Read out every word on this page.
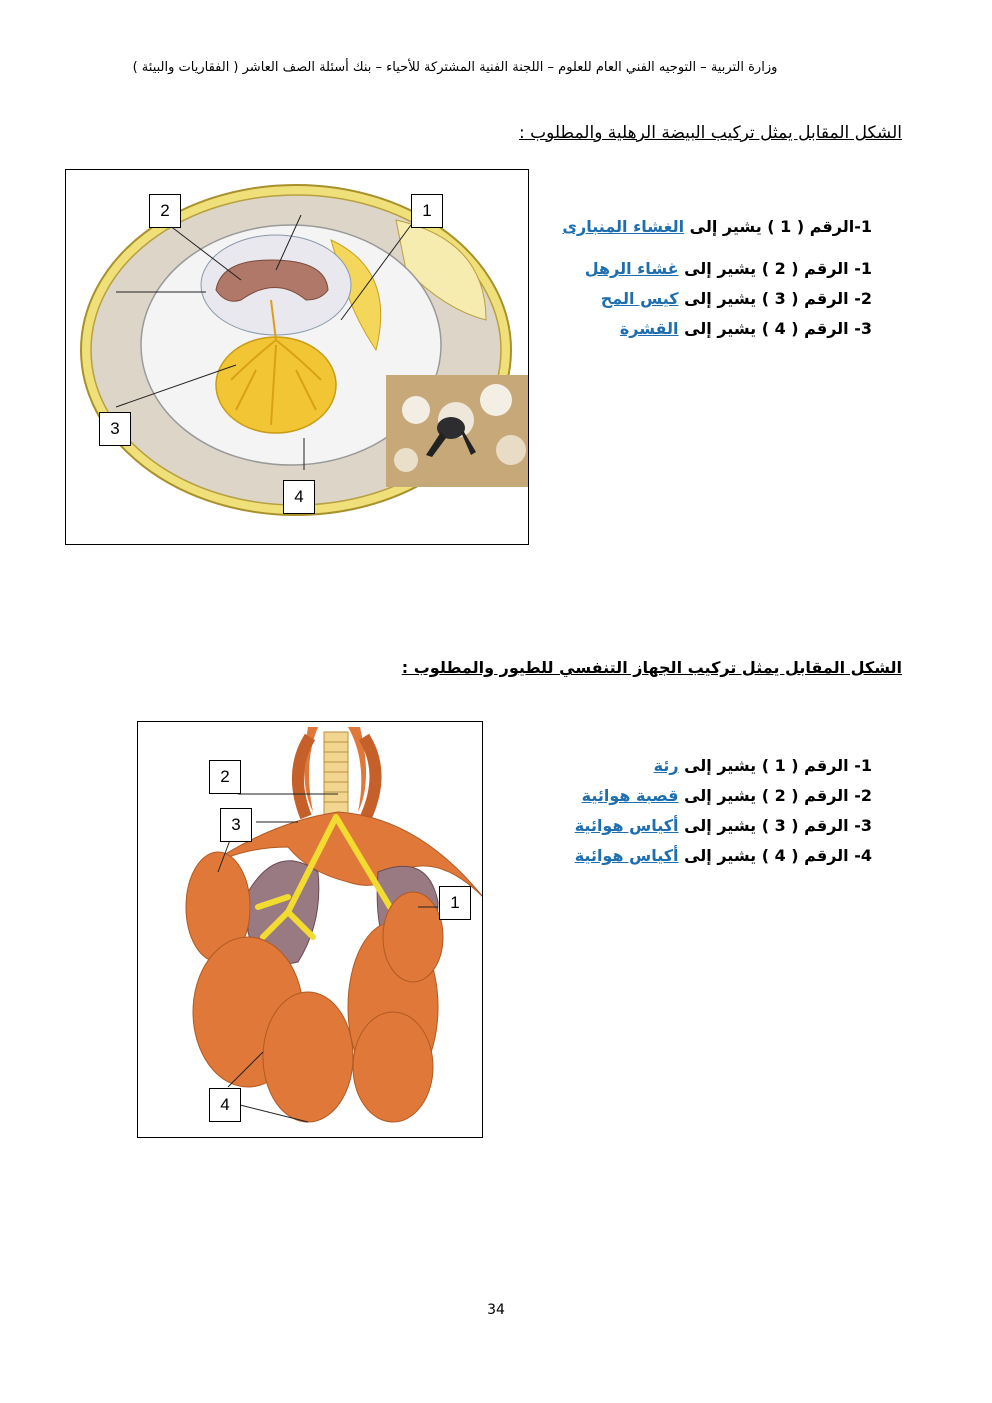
وزارة التربية – التوجيه الفني العام للعلوم – اللجنة الفنية المشتركة للأحياء – بنك أسئلة الصف العاشر ( الفقاريات والبيئة )
الشكل المقابل يمثل تركيب البيضة الرهلية والمطلوب :
2	1
3
4
1-الرقم ( 1 ) يشير إلى الغشاء المنبارى
1- الرقم ( 2 ) يشير إلى غشاء الرهل
2- الرقم ( 3 ) يشير إلى كيس المح
3- الرقم ( 4 ) يشير إلى القشرة
الشكل المقابل يمثل تركيب الجهاز التنفسي للطيور والمطلوب :
2
3
1
4
1- الرقم ( 1 ) يشير إلى رئة
2- الرقم ( 2 ) يشير إلى قصبة هوائية
3- الرقم ( 3 ) يشير إلى أكياس هوائية
4- الرقم ( 4 ) يشير إلى أكياس هوائية
34
